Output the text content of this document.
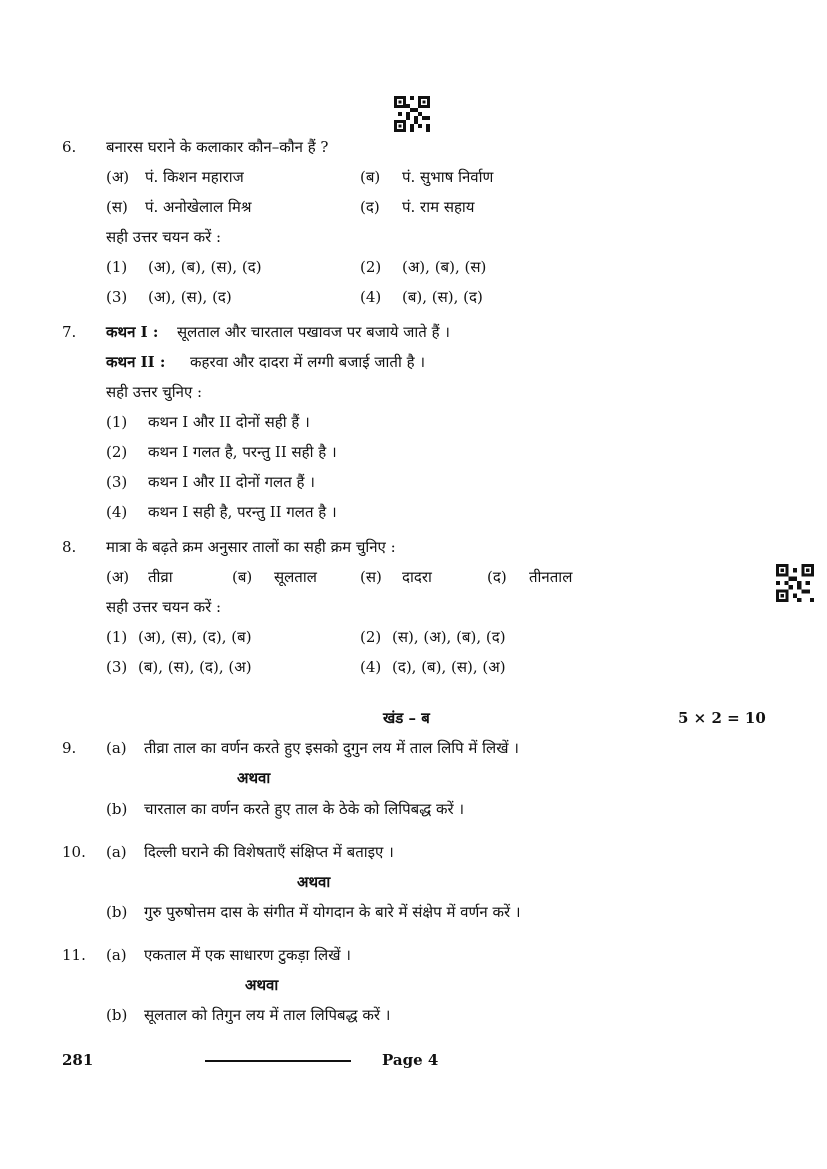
6. बनारस घराने के कलाकार कौन–कौन हैं ?
(अ) पं. किशन महाराज	(ब) पं. सुभाष निर्वाण
(स) पं. अनोखेलाल मिश्र	(द) पं. राम सहाय
सही उत्तर चयन करें :
(1) (अ), (ब), (स), (द)	(2) (अ), (ब), (स)
(3) (अ), (स), (द)	(4) (ब), (स), (द)
7. कथन I : सूलताल और चारताल पखावज पर बजाये जाते हैं ।
कथन II : कहरवा और दादरा में लग्गी बजाई जाती है ।
सही उत्तर चुनिए :
(1) कथन I और II दोनों सही हैं ।
(2) कथन I गलत है, परन्तु II सही है ।
(3) कथन I और II दोनों गलत हैं ।
(4) कथन I सही है, परन्तु II गलत है ।
8. मात्रा के बढ़ते क्रम अनुसार तालों का सही क्रम चुनिए :
(अ) तीव्रा	(ब) सूलताल	(स) दादरा	(द) तीनताल
सही उत्तर चयन करें :
(1) (अ), (स), (द), (ब)	(2) (स), (अ), (ब), (द)
(3) (ब), (स), (द), (अ)	(4) (द), (ब), (स), (अ)
खंड – ब	5 × 2 = 10
9. (a) तीव्रा ताल का वर्णन करते हुए इसको दुगुन लय में ताल लिपि में लिखें ।
अथवा
(b) चारताल का वर्णन करते हुए ताल के ठेके को लिपिबद्ध करें ।
10. (a) दिल्ली घराने की विशेषताएँ संक्षिप्त में बताइए ।
अथवा
(b) गुरु पुरुषोत्तम दास के संगीत में योगदान के बारे में संक्षेप में वर्णन करें ।
11. (a) एकताल में एक साधारण टुकड़ा लिखें ।
अथवा
(b) सूलताल को तिगुन लय में ताल लिपिबद्ध करें ।
281	Page 4
